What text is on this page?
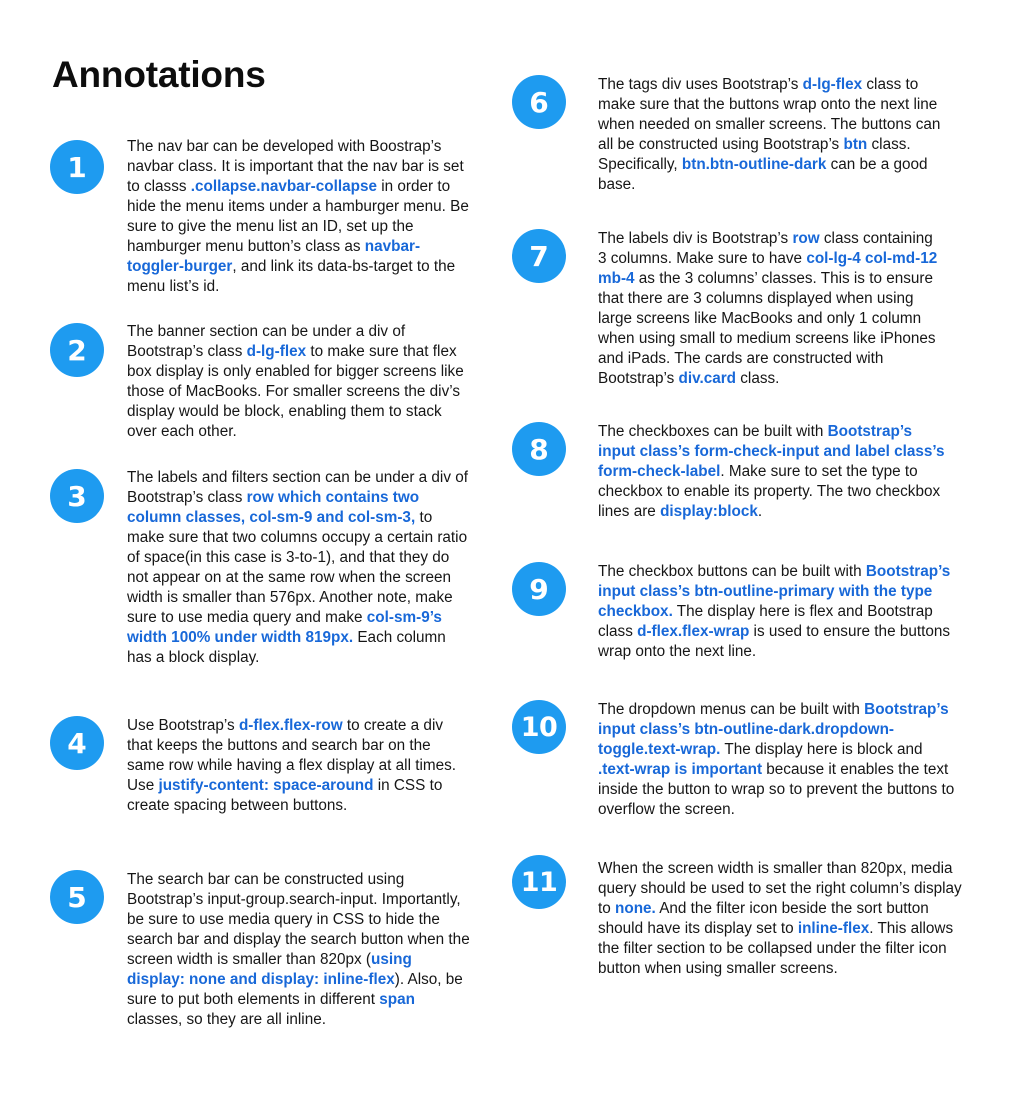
Annotations
1

The nav bar can be developed with Boostrap’s navbar class. It is important that the nav bar is set to classs .collapse.navbar-collapse in order to hide the menu items under a hamburger menu. Be sure to give the menu list an ID, set up the hamburger menu button’s class as navbar-toggler-burger, and link its data-bs-target to the menu list’s id.

2

The banner section can be under a div of Bootstrap’s class d-lg-flex to make sure that flex box display is only enabled for bigger screens like those of MacBooks. For smaller screens the div’s display would be block, enabling them to stack over each other.

3

The labels and filters section can be under a div of Bootstrap’s class row which contains two column classes, col-sm-9 and col-sm-3, to make sure that two columns occupy a certain ratio of space(in this case is 3-to-1), and that they do not appear on at the same row when the screen width is smaller than 576px. Another note, make sure to use media query and make col-sm-9’s width 100% under width 819px. Each column has a block display.

4

Use Bootstrap’s d-flex.flex-row to create a div that keeps the buttons and search bar on the same row while having a flex display at all times. Use justify-content: space-around in CSS to create spacing between buttons.

5

The search bar can be constructed using Bootstrap’s input-group.search-input. Importantly, be sure to use media query in CSS to hide the search bar and display the search button when the screen width is smaller than 820px (using display: none and display: inline-flex). Also, be sure to put both elements in different span classes, so they are all inline.

6

The tags div uses Bootstrap’s d-lg-flex class to make sure that the buttons wrap onto the next line when needed on smaller screens. The buttons can all be constructed using Bootstrap’s btn class. Specifically, btn.btn-outline-dark can be a good base.

7

The labels div is Bootstrap’s row class containing 3 columns. Make sure to have col-lg-4 col-md-12 mb-4 as the 3 columns’ classes. This is to ensure that there are 3 columns displayed when using large screens like MacBooks and only 1 column when using small to medium screens like iPhones and iPads. The cards are constructed with Bootstrap’s div.card class.

8

The checkboxes can be built with Bootstrap’s input class’s form-check-input and label class’s form-check-label. Make sure to set the type to checkbox to enable its property. The two checkbox lines are display:block.

9

The checkbox buttons can be built with Bootstrap’s input class’s btn-outline-primary with the type checkbox. The display here is flex and Bootstrap class d-flex.flex-wrap is used to ensure the buttons wrap onto the next line.

10

The dropdown menus can be built with Bootstrap’s input class’s btn-outline-dark.dropdown-toggle.text-wrap. The display here is block and .text-wrap is important because it enables the text inside the button to wrap so to prevent the buttons to overflow the screen.

11	When the screen width is smaller than 820px, media query should be used to set the right column’s display to none. And the filter icon beside the sort button should have its display set to inline-flex. This allows the filter section to be collapsed under the filter icon button when using smaller screens.
